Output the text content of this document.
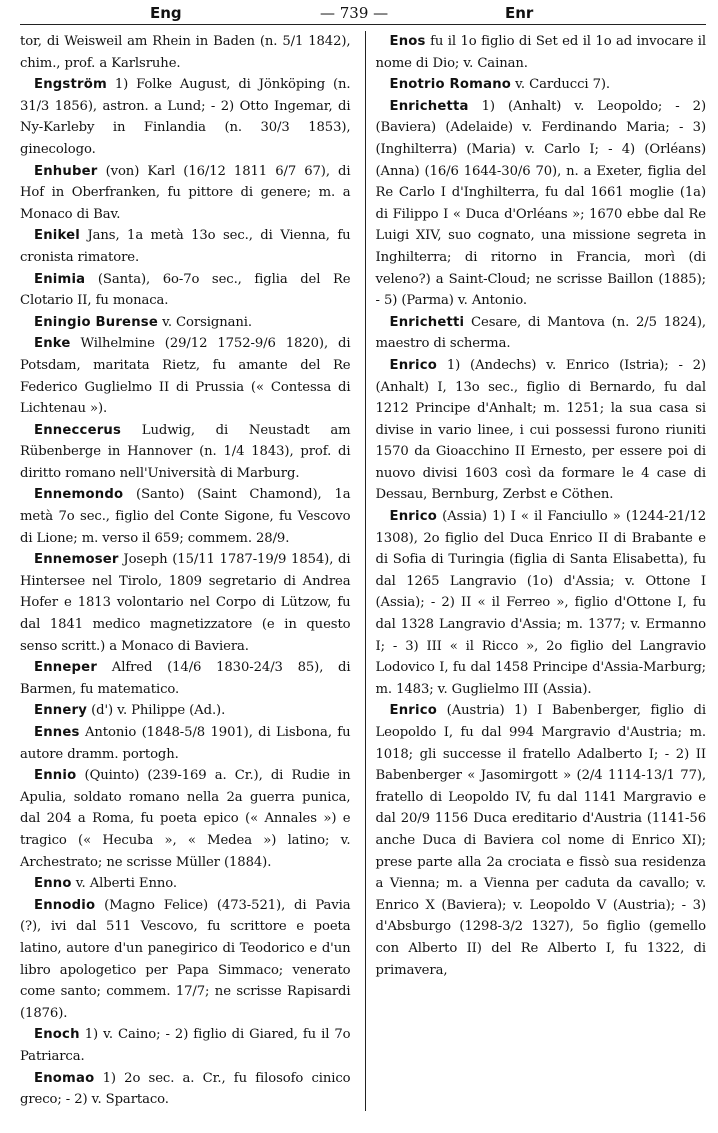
Eng	— 739 —	Enr

tor, di Weisweil am Rhein in Baden (n. 5/1 1842), chim., prof. a Karlsruhe.

Engström 1) Folke August, di Jönköping (n. 31/3 1856), astron. a Lund; - 2) Otto Ingemar, di Ny-Karleby in Finlandia (n. 30/3 1853), ginecologo.

Enhuber (von) Karl (16/12 1811 6/7 67), di Hof in Oberfranken, fu pittore di genere; m. a Monaco di Bav.

Enikel Jans, 1a metà 13o sec., di Vienna, fu cronista rimatore.

Enimia (Santa), 6o-7o sec., figlia del Re Clotario II, fu monaca.

Eningio Burense v. Corsignani.

Enke Wilhelmine (29/12 1752-9/6 1820), di Potsdam, maritata Rietz, fu amante del Re Federico Guglielmo II di Prussia (« Contessa di Lichtenau »).

Enneccerus Ludwig, di Neustadt am Rübenberge in Hannover (n. 1/4 1843), prof. di diritto romano nell'Università di Marburg.

Ennemondo (Santo) (Saint Chamond), 1a metà 7o sec., figlio del Conte Sigone, fu Vescovo di Lione; m. verso il 659; commem. 28/9.

Ennemoser Joseph (15/11 1787-19/9 1854), di Hintersee nel Tirolo, 1809 segretario di Andrea Hofer e 1813 volontario nel Corpo di Lützow, fu dal 1841 medico magnetizzatore (e in questo senso scritt.) a Monaco di Baviera.

Enneper Alfred (14/6 1830-24/3 85), di Barmen, fu matematico.

Ennery (d') v. Philippe (Ad.).

Ennes Antonio (1848-5/8 1901), di Lisbona, fu autore dramm. portogh.

Ennio (Quinto) (239-169 a. Cr.), di Rudie in Apulia, soldato romano nella 2a guerra punica, dal 204 a Roma, fu poeta epico (« Annales ») e tragico (« Hecuba », « Medea ») latino; v. Archestrato; ne scrisse Müller (1884).

Enno v. Alberti Enno.

Ennodio (Magno Felice) (473-521), di Pavia (?), ivi dal 511 Vescovo, fu scrittore e poeta latino, autore d'un panegirico di Teodorico e d'un libro apologetico per Papa Simmaco; venerato come santo; commem. 17/7; ne scrisse Rapisardi (1876).

Enoch 1) v. Caino; - 2) figlio di Giared, fu il 7o Patriarca.

Enomao 1) 2o sec. a. Cr., fu filosofo cinico greco; - 2) v. Spartaco.

Enos fu il 1o figlio di Set ed il 1o ad invocare il nome di Dio; v. Cainan.

Enotrio Romano v. Carducci 7).

Enrichetta 1) (Anhalt) v. Leopoldo; - 2) (Baviera) (Adelaide) v. Ferdinando Maria; - 3) (Inghilterra) (Maria) v. Carlo I; - 4) (Orléans) (Anna) (16/6 1644-30/6 70), n. a Exeter, figlia del Re Carlo I d'Inghilterra, fu dal 1661 moglie (1a) di Filippo I « Duca d'Orléans »; 1670 ebbe dal Re Luigi XIV, suo cognato, una missione segreta in Inghilterra; di ritorno in Francia, morì (di veleno?) a Saint-Cloud; ne scrisse Baillon (1885); - 5) (Parma) v. Antonio.

Enrichetti Cesare, di Mantova (n. 2/5 1824), maestro di scherma.

Enrico 1) (Andechs) v. Enrico (Istria); - 2) (Anhalt) I, 13o sec., figlio di Bernardo, fu dal 1212 Principe d'Anhalt; m. 1251; la sua casa si divise in vario linee, i cui possessi furono riuniti 1570 da Gioacchino II Ernesto, per essere poi di nuovo divisi 1603 così da formare le 4 case di Dessau, Bernburg, Zerbst e Cöthen.

Enrico (Assia) 1) I « il Fanciullo » (1244-21/12 1308), 2o figlio del Duca Enrico II di Brabante e di Sofia di Turingia (figlia di Santa Elisabetta), fu dal 1265 Langravio (1o) d'Assia; v. Ottone I (Assia); - 2) II « il Ferreo », figlio d'Ottone I, fu dal 1328 Langravio d'Assia; m. 1377; v. Ermanno I; - 3) III « il Ricco », 2o figlio del Langravio Lodovico I, fu dal 1458 Principe d'Assia-Marburg; m. 1483; v. Guglielmo III (Assia).

Enrico (Austria) 1) I Babenberger, figlio di Leopoldo I, fu dal 994 Margravio d'Austria; m. 1018; gli successe il fratello Adalberto I; - 2) II Babenberger « Jasomirgott » (2/4 1114-13/1 77), fratello di Leopoldo IV, fu dal 1141 Margravio e dal 20/9 1156 Duca ereditario d'Austria (1141-56 anche Duca di Baviera col nome di Enrico XI); prese parte alla 2a crociata e fissò sua residenza a Vienna; m. a Vienna per caduta da cavallo; v. Enrico X (Baviera); v. Leopoldo V (Austria); - 3) d'Absburgo (1298-3/2 1327), 5o figlio (gemello con Alberto II) del Re Alberto I, fu 1322, di primavera,
